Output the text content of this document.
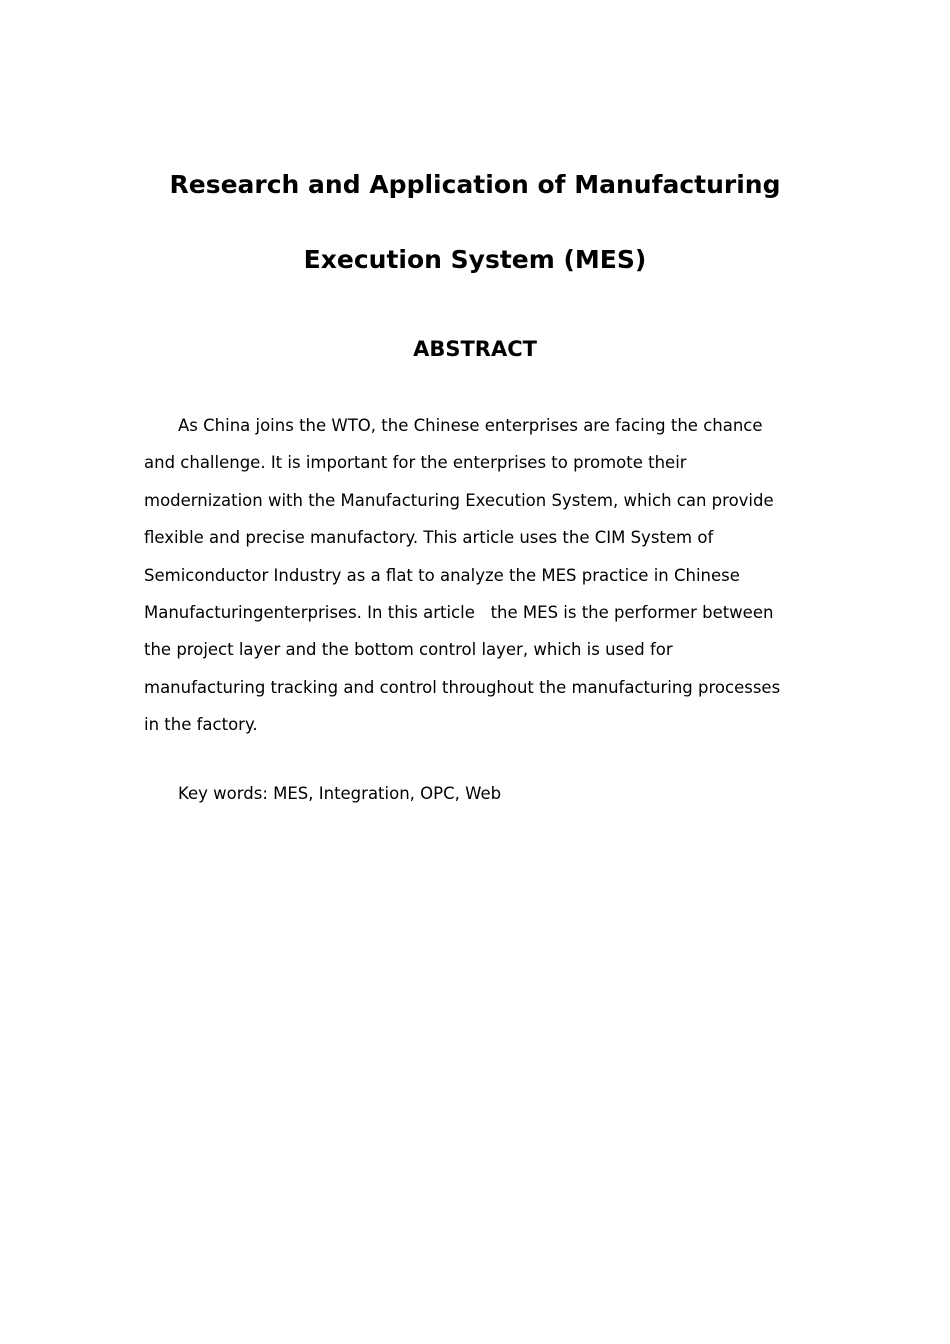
Research and Application of Manufacturing
Execution System (MES)
ABSTRACT
As China joins the WTO, the Chinese enterprises are facing the chance
and challenge. It is important for the enterprises to promote their
modernization with the Manufacturing Execution System, which can provide
flexible and precise manufactory. This article uses the CIM System of
Semiconductor Industry as a flat to analyze the MES practice in Chinese
Manufacturingenterprises. In this article   the MES is the performer between
the project layer and the bottom control layer, which is used for
manufacturing tracking and control throughout the manufacturing processes
in the factory.
Key words: MES, Integration, OPC, Web
